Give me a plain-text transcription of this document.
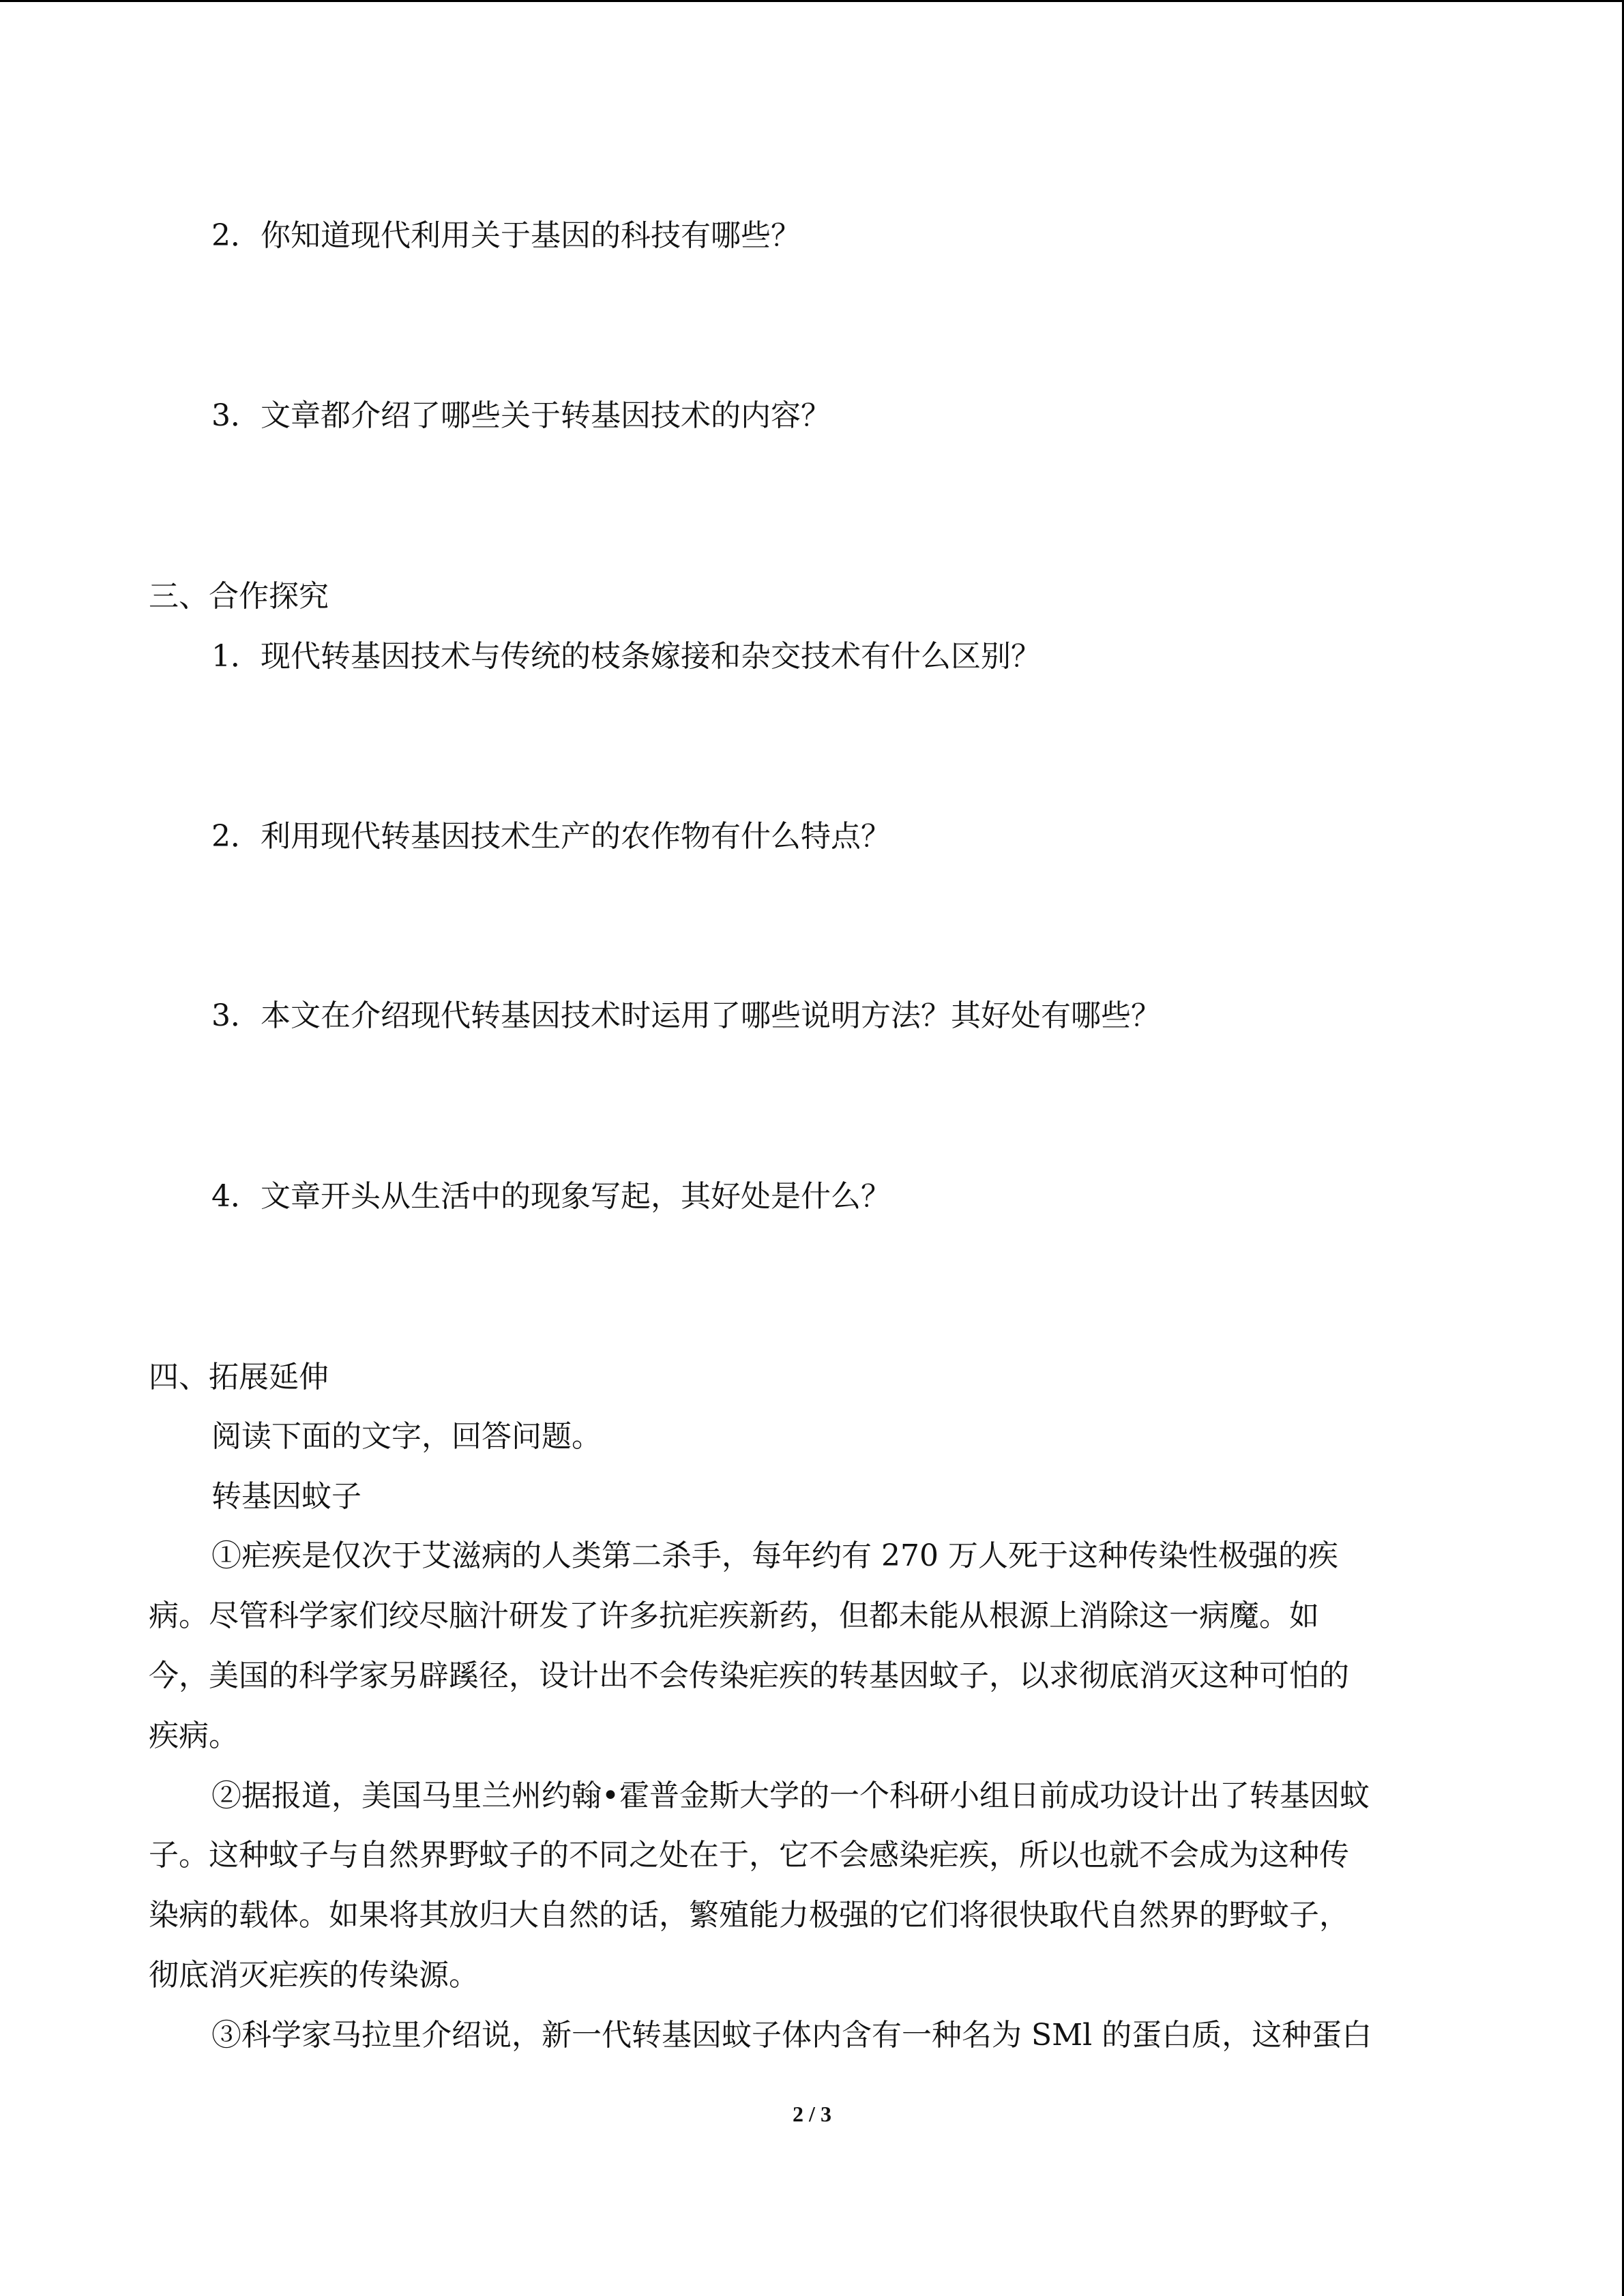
2．你知道现代利用关于基因的科技有哪些？
3．文章都介绍了哪些关于转基因技术的内容？
三、合作探究
1．现代转基因技术与传统的枝条嫁接和杂交技术有什么区别？
2．利用现代转基因技术生产的农作物有什么特点？
3．本文在介绍现代转基因技术时运用了哪些说明方法？其好处有哪些？
4．文章开头从生活中的现象写起，其好处是什么？
四、拓展延伸
阅读下面的文字，回答问题。
转基因蚊子
①疟疾是仅次于艾滋病的人类第二杀手，每年约有 270 万人死于这种传染性极强的疾
病。尽管科学家们绞尽脑汁研发了许多抗疟疾新药，但都未能从根源上消除这一病魔。如
今，美国的科学家另辟蹊径，设计出不会传染疟疾的转基因蚊子，以求彻底消灭这种可怕的
疾病。
②据报道，美国马里兰州约翰•霍普金斯大学的一个科研小组日前成功设计出了转基因蚊
子。这种蚊子与自然界野蚊子的不同之处在于，它不会感染疟疾，所以也就不会成为这种传
染病的载体。如果将其放归大自然的话，繁殖能力极强的它们将很快取代自然界的野蚊子，
彻底消灭疟疾的传染源。
③科学家马拉里介绍说，新一代转基因蚊子体内含有一种名为 SMl 的蛋白质，这种蛋白
2 / 3
